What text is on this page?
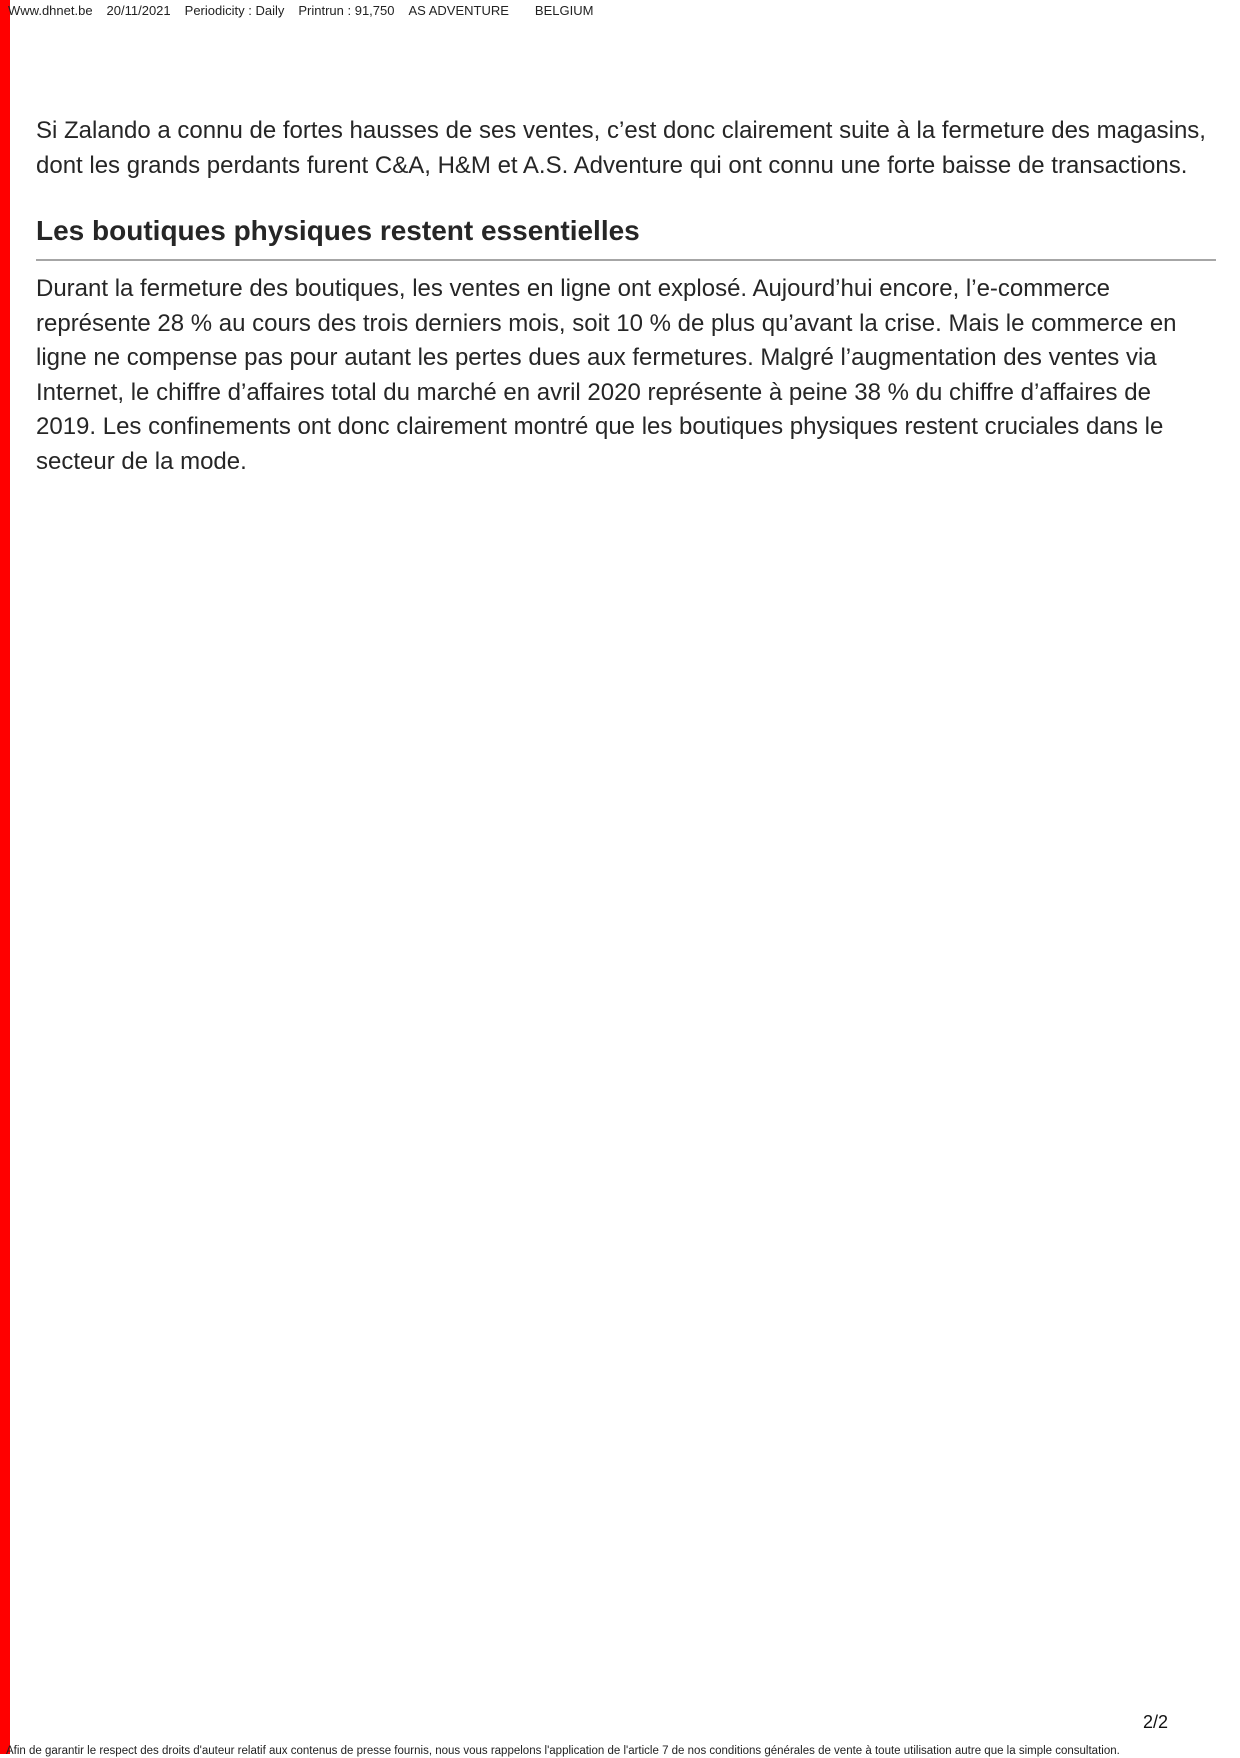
Www.dhnet.be 20/11/2021 Periodicity : Daily Printrun : 91,750 AS ADVENTURE BELGIUM

Si Zalando a connu de fortes hausses de ses ventes, c’est donc clairement suite à la fermeture des magasins, dont les grands perdants furent C&A, H&M et A.S. Adventure qui ont connu une forte baisse de transactions.

Les boutiques physiques restent essentielles

Durant la fermeture des boutiques, les ventes en ligne ont explosé. Aujourd’hui encore, l’e-commerce représente 28 % au cours des trois derniers mois, soit 10 % de plus qu’avant la crise. Mais le commerce en ligne ne compense pas pour autant les pertes dues aux fermetures. Malgré l’augmentation des ventes via Internet, le chiffre d’affaires total du marché en avril 2020 représente à peine 38 % du chiffre d’affaires de 2019. Les confinements ont donc clairement montré que les boutiques physiques restent cruciales dans le secteur de la mode.

2/2
Afin de garantir le respect des droits d'auteur relatif aux contenus de presse fournis, nous vous rappelons l'application de l'article 7 de nos conditions générales de vente à toute utilisation autre que la simple consultation.
